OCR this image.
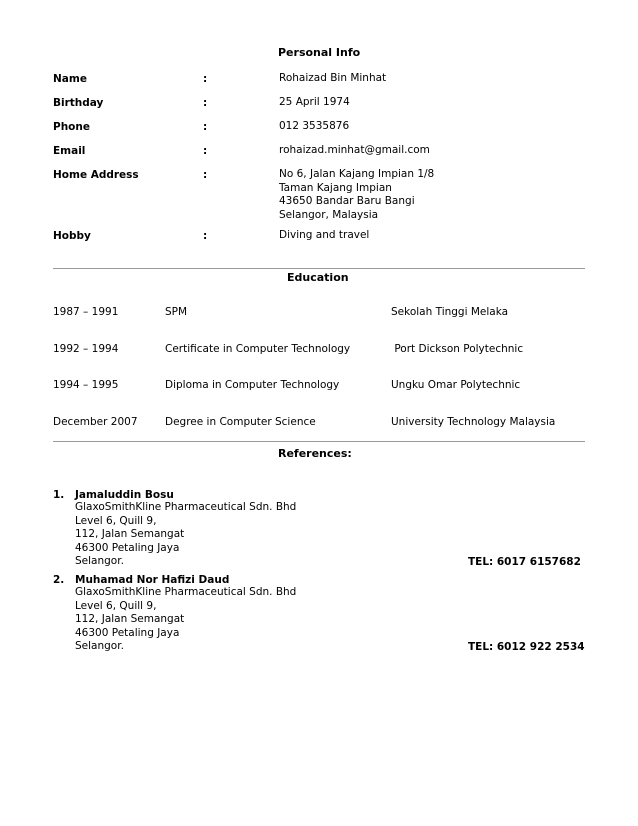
Personal Info
Name	:	Rohaizad Bin Minhat
Birthday	:	25 April 1974
Phone	:	012 3535876
Email	:	rohaizad.minhat@gmail.com
Home Address	:	No 6, Jalan Kajang Impian 1/8
Taman Kajang Impian
43650 Bandar Baru Bangi
Selangor, Malaysia
Hobby	:	Diving and travel
Education
1987 – 1991	SPM	Sekolah Tinggi Melaka
1992 – 1994	Certificate in Computer Technology	Port Dickson Polytechnic
1994 – 1995	Diploma in Computer Technology	Ungku Omar Polytechnic
December 2007	Degree in Computer Science	University Technology Malaysia
References:
1. Jamaluddin Bosu
GlaxoSmithKline Pharmaceutical Sdn. Bhd
Level 6, Quill 9,
112, Jalan Semangat
46300 Petaling Jaya
Selangor.	TEL: 6017 6157682
2. Muhamad Nor Hafizi Daud
GlaxoSmithKline Pharmaceutical Sdn. Bhd
Level 6, Quill 9,
112, Jalan Semangat
46300 Petaling Jaya
Selangor.	TEL: 6012 922 2534
